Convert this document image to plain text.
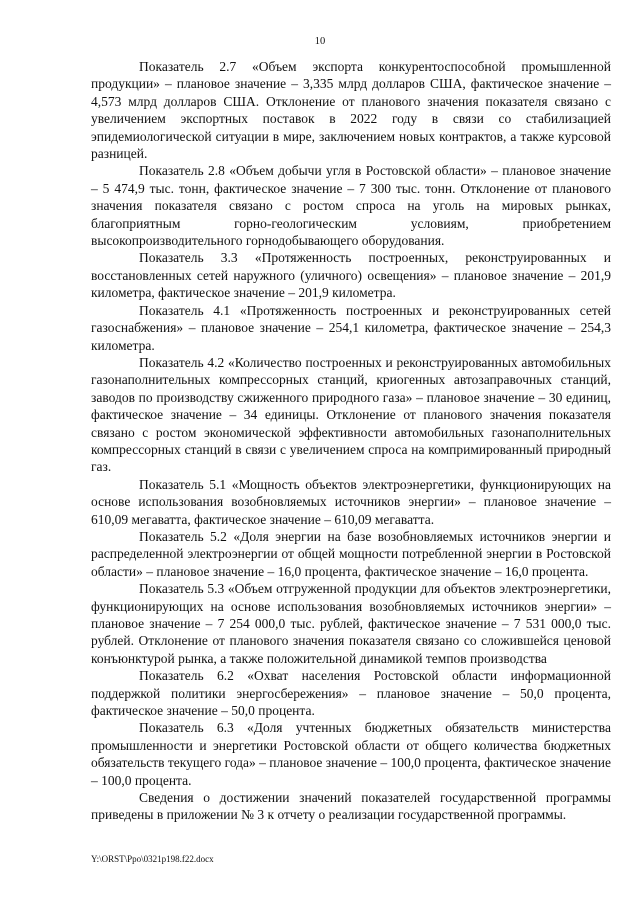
10

Показатель 2.7 «Объем экспорта конкурентоспособной промышленной продукции» – плановое значение – 3,335 млрд долларов США, фактическое значение – 4,573 млрд долларов США. Отклонение от планового значения показателя связано с увеличением экспортных поставок в 2022 году в связи со стабилизацией эпидемиологической ситуации в мире, заключением новых контрактов, а также курсовой разницей.

Показатель 2.8 «Объем добычи угля в Ростовской области» – плановое значение – 5 474,9 тыс. тонн, фактическое значение – 7 300 тыс. тонн. Отклонение от планового значения показателя связано с ростом спроса на уголь на мировых рынках, благоприятным горно-геологическим условиям, приобретением высокопроизводительного горнодобывающего оборудования.

Показатель 3.3 «Протяженность построенных, реконструированных и восстановленных сетей наружного (уличного) освещения» – плановое значение – 201,9 километра, фактическое значение – 201,9 километра.

Показатель 4.1 «Протяженность построенных и реконструированных сетей газоснабжения» – плановое значение – 254,1 километра, фактическое значение – 254,3 километра.

Показатель 4.2 «Количество построенных и реконструированных автомобильных газонаполнительных компрессорных станций, криогенных автозаправочных станций, заводов по производству сжиженного природного газа» – плановое значение – 30 единиц, фактическое значение – 34 единицы. Отклонение от планового значения показателя связано с ростом экономической эффективности автомобильных газонаполнительных компрессорных станций в связи с увеличением спроса на компримированный природный газ.

Показатель 5.1 «Мощность объектов электроэнергетики, функционирующих на основе использования возобновляемых источников энергии» – плановое значение – 610,09 мегаватта, фактическое значение – 610,09 мегаватта.

Показатель 5.2 «Доля энергии на базе возобновляемых источников энергии и распределенной электроэнергии от общей мощности потребленной энергии в Ростовской области» – плановое значение – 16,0 процента, фактическое значение – 16,0 процента.

Показатель 5.3 «Объем отгруженной продукции для объектов электроэнергетики, функционирующих на основе использования возобновляемых источников энергии» – плановое значение – 7 254 000,0 тыс. рублей, фактическое значение – 7 531 000,0 тыс. рублей. Отклонение от планового значения показателя связано со сложившейся ценовой конъюнктурой рынка, а также положительной динамикой темпов производства

Показатель 6.2 «Охват населения Ростовской области информационной поддержкой политики энергосбережения» – плановое значение – 50,0 процента, фактическое значение – 50,0 процента.

Показатель 6.3 «Доля учтенных бюджетных обязательств министерства промышленности и энергетики Ростовской области от общего количества бюджетных обязательств текущего года» – плановое значение – 100,0 процента, фактическое значение – 100,0 процента.

Сведения о достижении значений показателей государственной программы приведены в приложении № 3 к отчету о реализации государственной программы.

Y:\ORST\Ppo\0321p198.f22.docx
